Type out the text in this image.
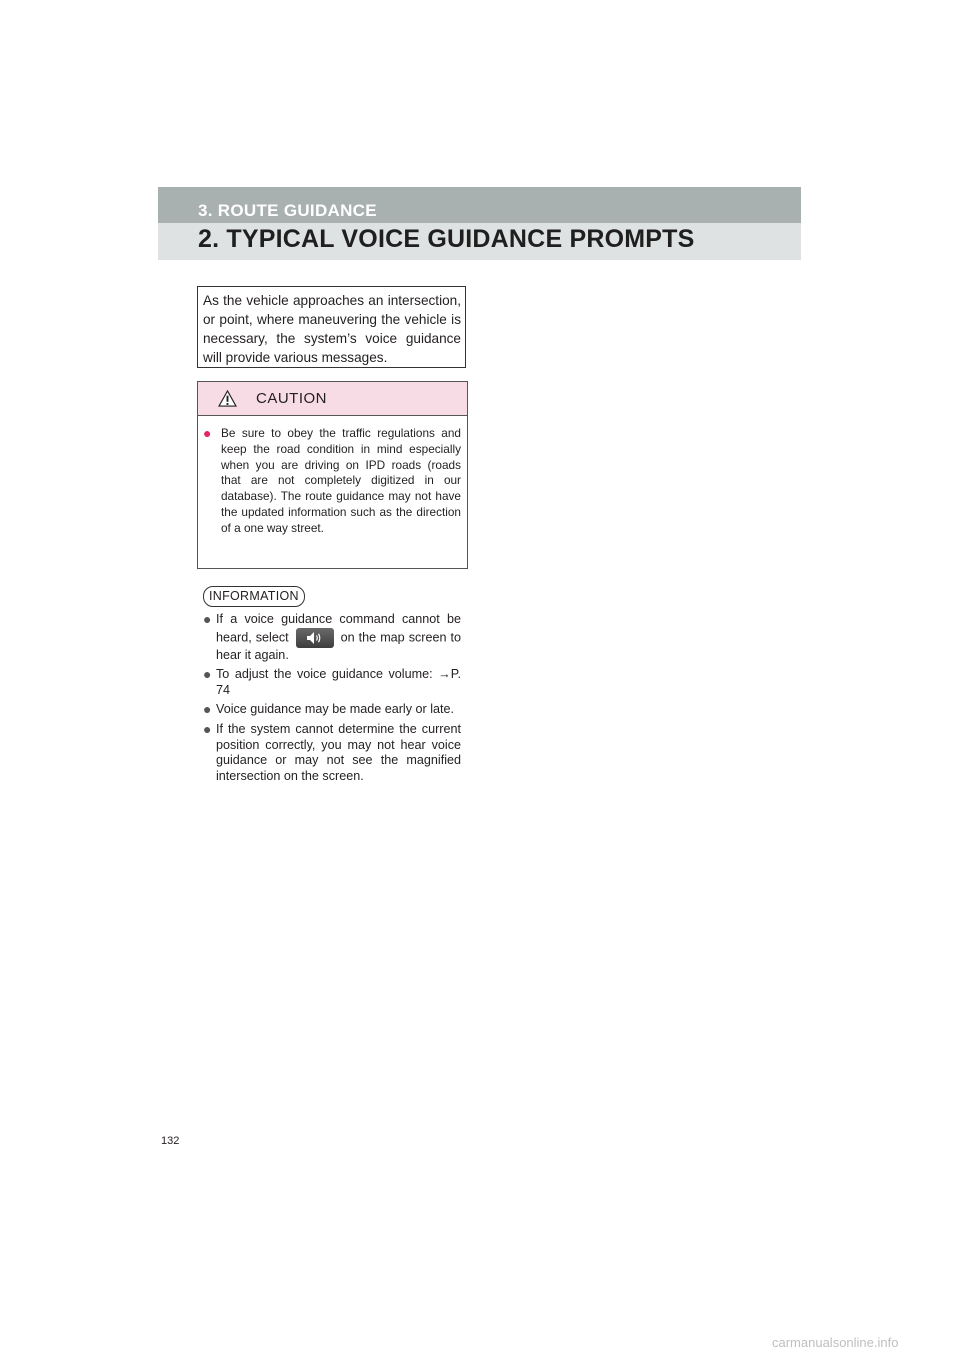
3. ROUTE GUIDANCE
2. TYPICAL VOICE GUIDANCE PROMPTS
As the vehicle approaches an intersection, or point, where maneuvering the vehicle is necessary, the system’s voice guidance will provide various messages.
CAUTION
● Be sure to obey the traffic regulations and keep the road condition in mind especially when you are driving on IPD roads (roads that are not completely digitized in our database). The route guidance may not have the updated information such as the direction of a one way street.
INFORMATION
● If a voice guidance command cannot be heard, select	on the map screen to hear it again.
● To adjust the voice guidance volume: →P. 74
● Voice guidance may be made early or late.
● If the system cannot determine the current position correctly, you may not hear voice guidance or may not see the magnified intersection on the screen.
132
carmanualsonline.info
